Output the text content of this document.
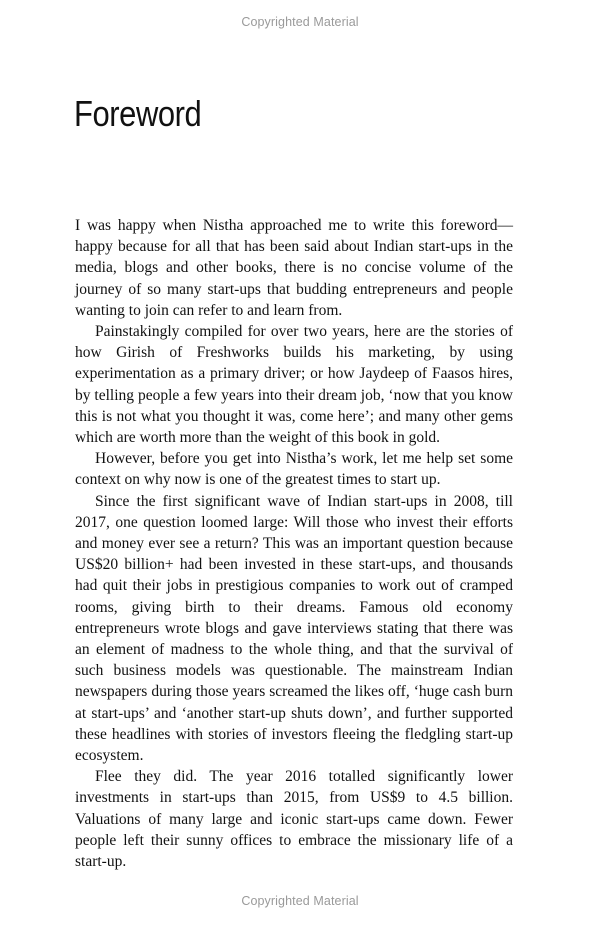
Copyrighted Material
Foreword

I was happy when Nistha approached me to write this foreword—happy because for all that has been said about Indian start-ups in the media, blogs and other books, there is no concise volume of the journey of so many start-ups that budding entrepreneurs and people wanting to join can refer to and learn from.

Painstakingly compiled for over two years, here are the stories of how Girish of Freshworks builds his marketing, by using experimentation as a primary driver; or how Jaydeep of Faasos hires, by telling people a few years into their dream job, ‘now that you know this is not what you thought it was, come here’; and many other gems which are worth more than the weight of this book in gold.

However, before you get into Nistha’s work, let me help set some context on why now is one of the greatest times to start up.

Since the first significant wave of Indian start-ups in 2008, till 2017, one question loomed large: Will those who invest their efforts and money ever see a return? This was an important question because US$20 billion+ had been invested in these start-ups, and thousands had quit their jobs in prestigious companies to work out of cramped rooms, giving birth to their dreams. Famous old economy entrepreneurs wrote blogs and gave interviews stating that there was an element of madness to the whole thing, and that the survival of such business models was questionable. The mainstream Indian newspapers during those years screamed the likes off, ‘huge cash burn at start-ups’ and ‘another start-up shuts down’, and further supported these headlines with stories of investors fleeing the fledgling start-up ecosystem.

Flee they did. The year 2016 totalled significantly lower investments in start-ups than 2015, from US$9 to 4.5 billion. Valuations of many large and iconic start-ups came down. Fewer people left their sunny offices to embrace the missionary life of a start-up.

Copyrighted Material
